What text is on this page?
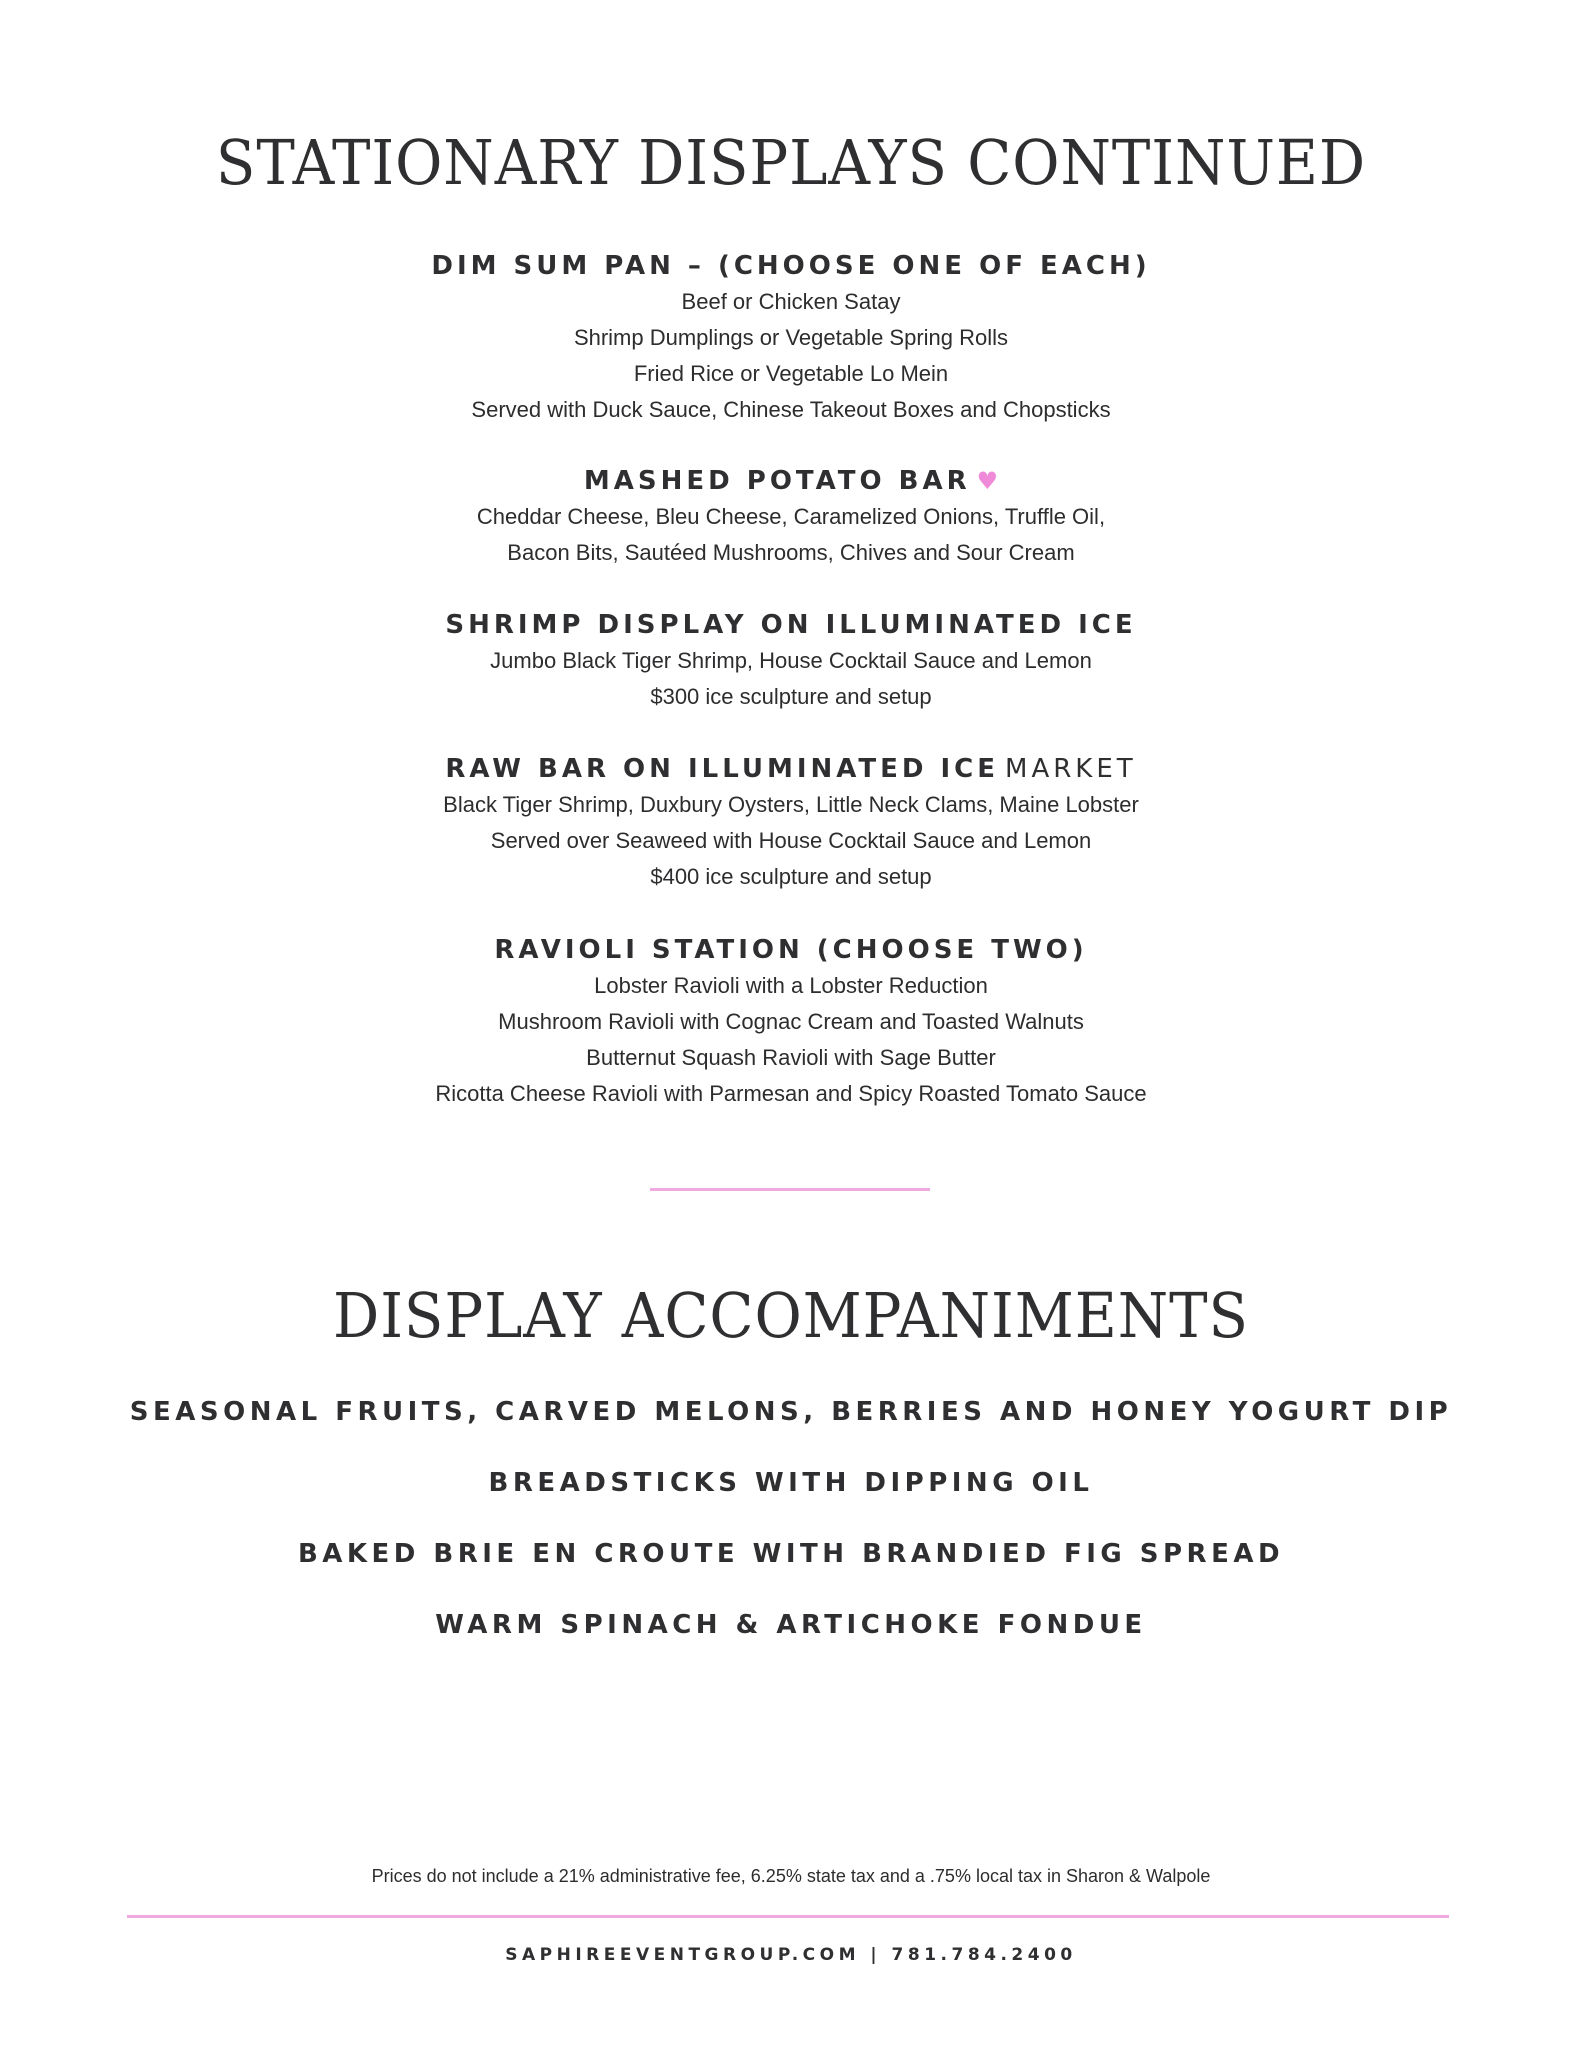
STATIONARY DISPLAYS CONTINUED
DIM SUM PAN – (CHOOSE ONE OF EACH)
Beef or Chicken Satay
Shrimp Dumplings or Vegetable Spring Rolls
Fried Rice or Vegetable Lo Mein
Served with Duck Sauce, Chinese Takeout Boxes and Chopsticks
MASHED POTATO BAR ♥
Cheddar Cheese, Bleu Cheese, Caramelized Onions, Truffle Oil,
Bacon Bits, Sautéed Mushrooms, Chives and Sour Cream
SHRIMP DISPLAY ON ILLUMINATED ICE
Jumbo Black Tiger Shrimp, House Cocktail Sauce and Lemon
$300 ice sculpture and setup
RAW BAR ON ILLUMINATED ICE MARKET
Black Tiger Shrimp, Duxbury Oysters, Little Neck Clams, Maine Lobster
Served over Seaweed with House Cocktail Sauce and Lemon
$400 ice sculpture and setup
RAVIOLI STATION (CHOOSE TWO)
Lobster Ravioli with a Lobster Reduction
Mushroom Ravioli with Cognac Cream and Toasted Walnuts
Butternut Squash Ravioli with Sage Butter
Ricotta Cheese Ravioli with Parmesan and Spicy Roasted Tomato Sauce
DISPLAY ACCOMPANIMENTS
SEASONAL FRUITS, CARVED MELONS, BERRIES AND HONEY YOGURT DIP
BREADSTICKS WITH DIPPING OIL
BAKED BRIE EN CROUTE WITH BRANDIED FIG SPREAD
WARM SPINACH & ARTICHOKE FONDUE
Prices do not include a 21% administrative fee, 6.25% state tax and a .75% local tax in Sharon & Walpole
SAPHIREEVENTGROUP.COM | 781.784.2400
